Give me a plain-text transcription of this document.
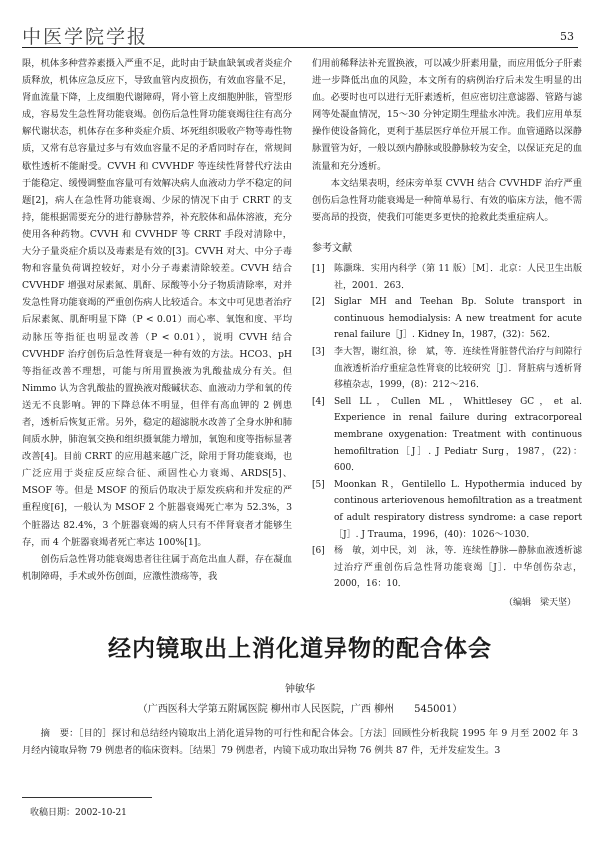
中医学院学报	53

限，机体多种营养素摄入严重不足，此时由于缺血缺氧或者炎症介质释放，机体应急反应下，导致血管内皮损伤，有效血容量不足，肾血流量下降，上皮细胞代谢障碍，肾小管上皮细胞肿胀，管型形成，容易发生急性肾功能衰竭。创伤后急性肾功能衰竭往往有高分解代谢状态，机体存在多种炎症介质、坏死组织吸收产物等毒性物质，又常有总容量过多与有效血容量不足的矛盾同时存在，常规间歇性透析不能耐受。CVVH 和 CVVHDF 等连续性肾替代疗法由于能稳定、缓慢调整血容量可有效解决病人血液动力学不稳定的问题[2]，病人在急性肾功能衰竭、少尿的情况下由于 CRRT 的支持，能根据需要充分的进行静脉营养，补充胶体和晶体溶液，充分使用各种药物。CVVH 和 CVVHDF 等 CRRT 手段对清除中，大分子量炎症介质以及毒素是有效的[3]。CVVH 对大、中分子毒物和容量负荷调控较好，对小分子毒素清除较差。CVVH 结合 CVVHDF 增强对尿素氮、肌酐、尿酸等小分子物质清除率，对并发急性肾功能衰竭的严重创伤病人比较适合。本文中可见患者治疗后尿素氮、肌酐明显下降（P < 0.01）而心率、氧饱和度、平均动脉压等指征也明显改善（P < 0.01），说明 CVVH 结合 CVVHDF 治疗创伤后急性肾衰是一种有效的方法。HCO3、pH 等指征改善不理想，可能与所用置换液为乳酸盐成分有关。但 Nimmo 认为含乳酸盐的置换液对酸碱状态、血液动力学和氧的传送无不良影响。钾的下降总体不明显，但伴有高血钾的 2 例患者，透析后恢复正常。另外，稳定的超滤脱水改善了全身水肿和肺间质水肿，肺泡氧交换和组织摄氧能力增加，氧饱和度等指标显著改善[4]。目前 CRRT 的应用越来越广泛，除用于肾功能衰竭，也广泛应用于炎症反应综合征、顽固性心力衰竭、ARDS[5]、MSOF 等。但是 MSOF 的预后仍取决于原发疾病和并发症的严重程度[6]，一般认为 MSOF 2 个脏器衰竭死亡率为 52.3%，3 个脏器达 82.4%，3 个脏器衰竭的病人只有不伴肾衰者才能够生存，而 4 个脏器衰竭者死亡率达 100%[1]。

创伤后急性肾功能衰竭患者往往属于高危出血人群，存在凝血机制障碍，手术或外伤创面，应激性溃疡等，我

们用前稀释法补充置换液，可以减少肝素用量，而应用低分子肝素进一步降低出血的风险，本文所有的病例治疗后未发生明显的出血。必要时也可以进行无肝素透析，但应密切注意滤器、管路与滤网等处凝血情况，15～30 分钟定期生理盐水冲洗。我们应用单泵操作使设备简化，更利于基层医疗单位开展工作。血管通路以深静脉置管为好，一般以颈内静脉或股静脉较为安全，以保证充足的血流量和充分透析。

本文结果表明，经床旁单泵 CVVH 结合 CVVHDF 治疗严重创伤后急性肾功能衰竭是一种简单易行、有效的临床方法，他不需要高昂的投资，使我们可能更多更快的抢救此类重症病人。

参考文献
[1]	陈灏珠．实用内科学（第 11 版）［M］．北京：人民卫生出版社，2001．263．
[2]	Siglar MH and Teehan Bp. Solute transport in continuous hemodialysis: A new treatment for acute renal failure［J］. Kidney In，1987，(32)：562．
[3]	李大智，谢红浪，徐　斌，等．连续性肾脏替代治疗与间隙行血液透析治疗重症急性肾衰的比较研究［J］．肾脏病与透析肾移植杂志，1999，(8)：212～216．
[4]	Sell LL，Cullen ML，Whittlesey GC，et al. Experience in renal failure during extracorporeal membrane oxygenation: Treatment with continuous hemofiltration［J］. J Pediatr Surg，1987，(22)：600．
[5]	Moonkan R，Gentilello L. Hypothermia induced by continous arteriovenous hemofiltration as a treatment of adult respiratory distress syndrome: a case report［J］. J Trauma，1996，(40)：1026～1030．
[6]	杨　敏，刘中民，刘　泳，等．连续性静脉—静脉血液透析滤过治疗严重创伤后急性肾功能衰竭［J］．中华创伤杂志，2000，16：10．
（编辑　梁天坚）
经内镜取出上消化道异物的配合体会
钟敏华
（广西医科大学第五附属医院 柳州市人民医院，广西 柳州　　545001）

摘　要：［目的］探讨和总结经内镜取出上消化道异物的可行性和配合体会。［方法］回顾性分析我院 1995 年 9 月至 2002 年 3 月经内镜取异物 79 例患者的临床资料。［结果］79 例患者，内镜下成功取出异物 76 例共 87 件，无并发症发生。3

收稿日期：2002-10-21
